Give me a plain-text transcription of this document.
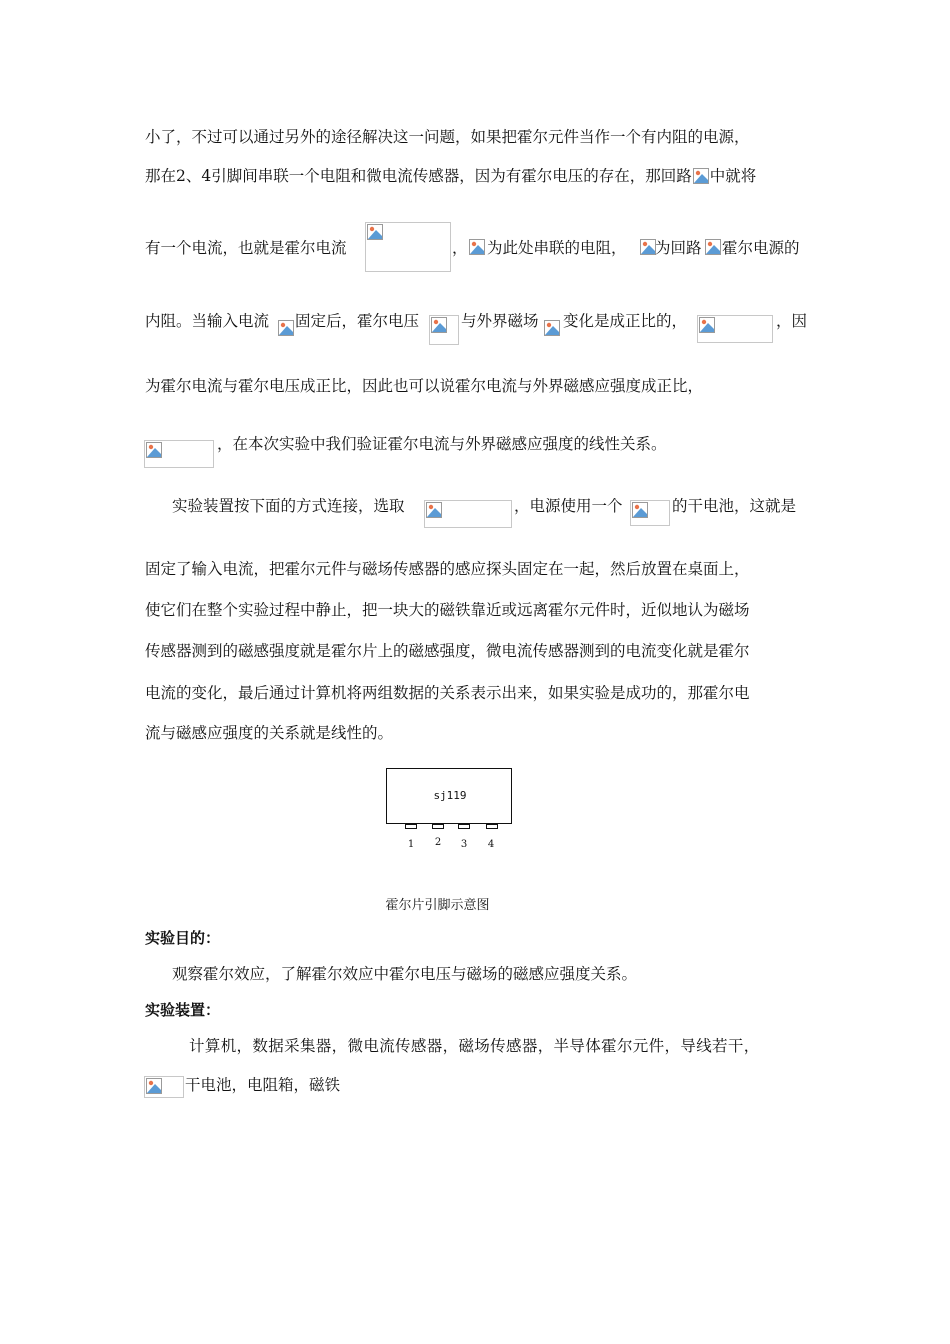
小了，不过可以通过另外的途径解决这一问题，如果把霍尔元件当作一个有内阻的电源，
那在2、4引脚间串联一个电阻和微电流传感器，因为有霍尔电压的存在，那回路 中就将
有一个电流，也就是霍尔电流	， 为此处串联的电阻， 为回路 霍尔电源的
内阻。当输入电流 固定后，霍尔电压	与外界磁场 变化是成正比的，	，因
为霍尔电流与霍尔电压成正比，因此也可以说霍尔电流与外界磁感应强度成正比，
，在本次实验中我们验证霍尔电流与外界磁感应强度的线性关系。
实验装置按下面的方式连接，选取	，电源使用一个	的干电池，这就是
固定了输入电流，把霍尔元件与磁场传感器的感应探头固定在一起，然后放置在桌面上，
使它们在整个实验过程中静止，把一块大的磁铁靠近或远离霍尔元件时，近似地认为磁场
传感器测到的磁感强度就是霍尔片上的磁感强度，微电流传感器测到的电流变化就是霍尔
电流的变化，最后通过计算机将两组数据的关系表示出来，如果实验是成功的，那霍尔电
流与磁感应强度的关系就是线性的。
sj119
1 2 3 4
霍尔片引脚示意图
实验目的：
观察霍尔效应，了解霍尔效应中霍尔电压与磁场的磁感应强度关系。
实验装置：
计算机，数据采集器，微电流传感器，磁场传感器，半导体霍尔元件，导线若干，
干电池，电阻箱，磁铁
